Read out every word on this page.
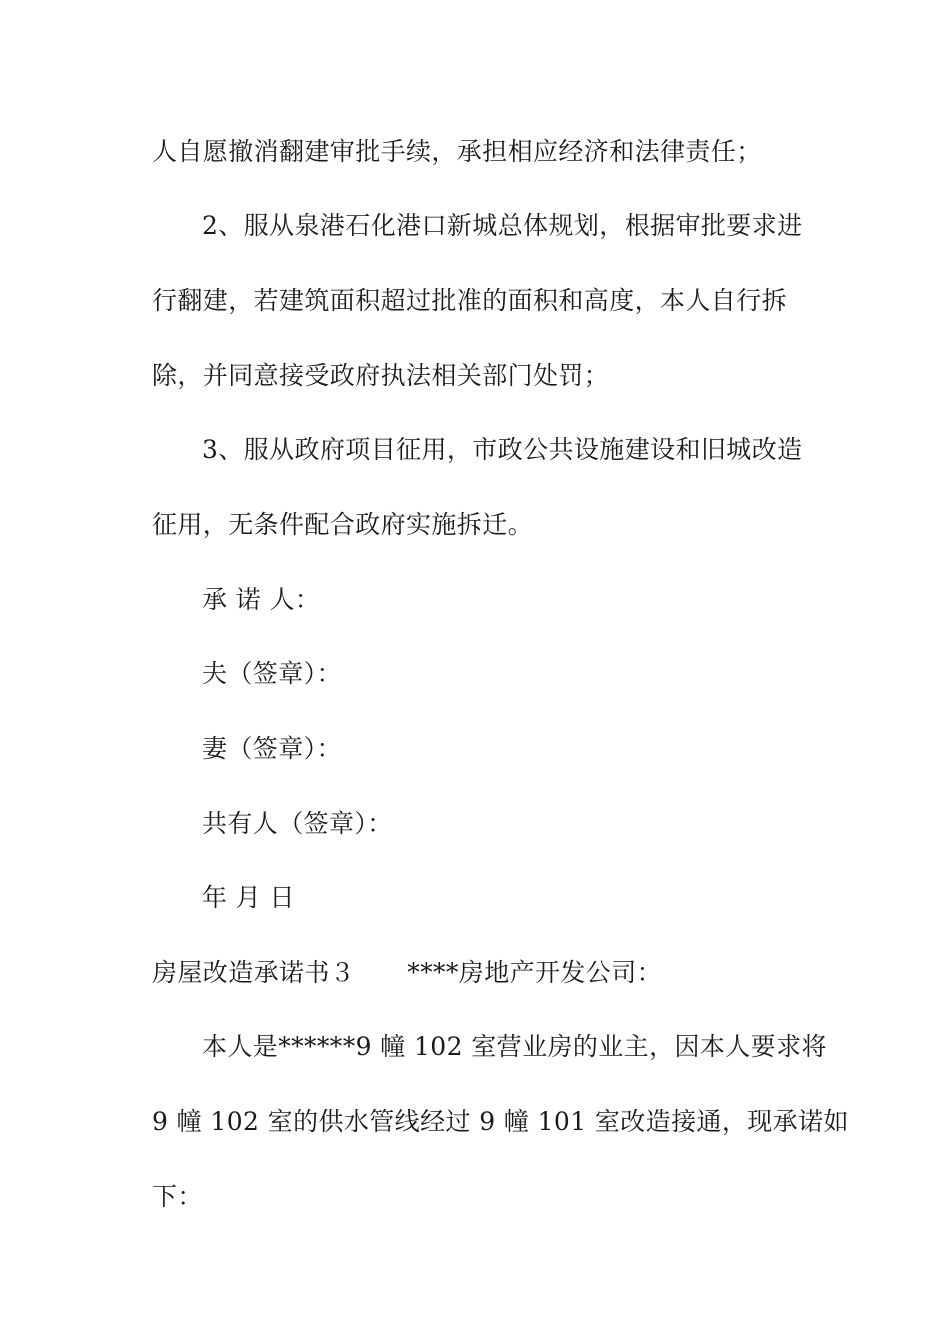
人自愿撤消翻建审批手续，承担相应经济和法律责任；
2、服从泉港石化港口新城总体规划，根据审批要求进
行翻建，若建筑面积超过批准的面积和高度，本人自行拆
除，并同意接受政府执法相关部门处罚；
3、服从政府项目征用，市政公共设施建设和旧城改造
征用，无条件配合政府实施拆迁。
承 诺 人：
夫（签章）：
妻（签章）：
共有人（签章）：
年 月 日
房屋改造承诺书３ ****房地产开发公司：
本人是******9 幢 102 室营业房的业主，因本人要求将
9 幢 102 室的供水管线经过 9 幢 101 室改造接通，现承诺如
下：
